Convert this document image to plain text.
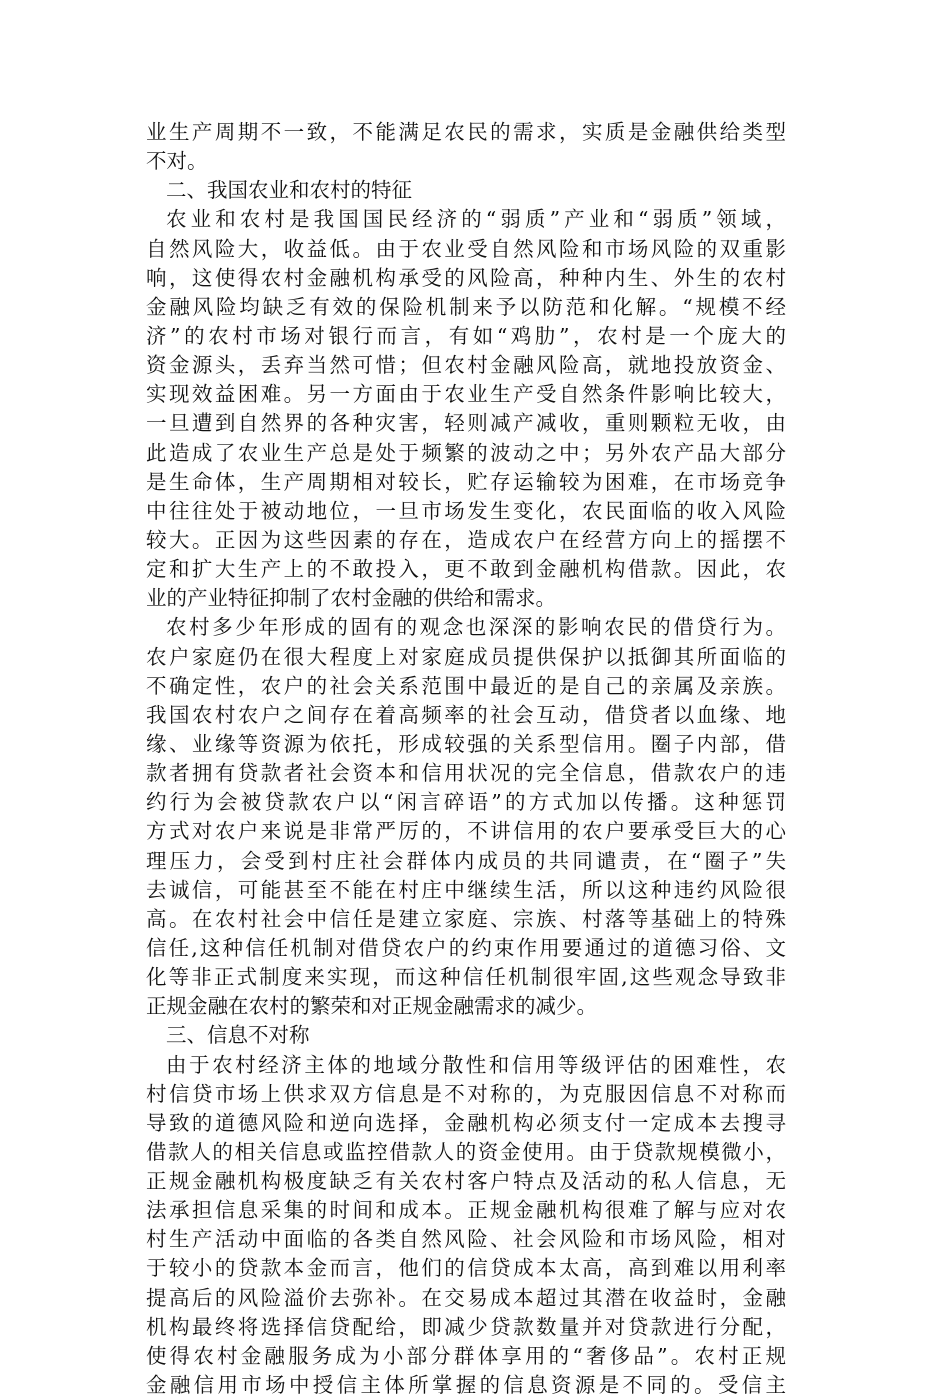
业生产周期不一致，不能满足农民的需求，实质是金融供给类型
不对。
二、我国农业和农村的特征
农业和农村是我国国民经济的“弱质”产业和“弱质”领域，
自然风险大，收益低。由于农业受自然风险和市场风险的双重影
响，这使得农村金融机构承受的风险高，种种内生、外生的农村
金融风险均缺乏有效的保险机制来予以防范和化解。“规模不经
济”的农村市场对银行而言，有如“鸡肋”，农村是一个庞大的
资金源头，丢弃当然可惜；但农村金融风险高，就地投放资金、
实现效益困难。另一方面由于农业生产受自然条件影响比较大，
一旦遭到自然界的各种灾害，轻则减产减收，重则颗粒无收，由
此造成了农业生产总是处于频繁的波动之中；另外农产品大部分
是生命体，生产周期相对较长，贮存运输较为困难，在市场竞争
中往往处于被动地位，一旦市场发生变化，农民面临的收入风险
较大。正因为这些因素的存在，造成农户在经营方向上的摇摆不
定和扩大生产上的不敢投入，更不敢到金融机构借款。因此，农
业的产业特征抑制了农村金融的供给和需求。
农村多少年形成的固有的观念也深深的影响农民的借贷行为。
农户家庭仍在很大程度上对家庭成员提供保护以抵御其所面临的
不确定性，农户的社会关系范围中最近的是自己的亲属及亲族。
我国农村农户之间存在着高频率的社会互动，借贷者以血缘、地
缘、业缘等资源为依托，形成较强的关系型信用。圈子内部，借
款者拥有贷款者社会资本和信用状况的完全信息，借款农户的违
约行为会被贷款农户以“闲言碎语”的方式加以传播。这种惩罚
方式对农户来说是非常严厉的，不讲信用的农户要承受巨大的心
理压力，会受到村庄社会群体内成员的共同谴责，在“圈子”失
去诚信，可能甚至不能在村庄中继续生活，所以这种违约风险很
高。在农村社会中信任是建立家庭、宗族、村落等基础上的特殊
信任,这种信任机制对借贷农户的约束作用要通过的道德习俗、文
化等非正式制度来实现，而这种信任机制很牢固,这些观念导致非
正规金融在农村的繁荣和对正规金融需求的减少。
三、信息不对称
由于农村经济主体的地域分散性和信用等级评估的困难性，农
村信贷市场上供求双方信息是不对称的，为克服因信息不对称而
导致的道德风险和逆向选择，金融机构必须支付一定成本去搜寻
借款人的相关信息或监控借款人的资金使用。由于贷款规模微小，
正规金融机构极度缺乏有关农村客户特点及活动的私人信息，无
法承担信息采集的时间和成本。正规金融机构很难了解与应对农
村生产活动中面临的各类自然风险、社会风险和市场风险，相对
于较小的贷款本金而言，他们的信贷成本太高，高到难以用利率
提高后的风险溢价去弥补。在交易成本超过其潜在收益时，金融
机构最终将选择信贷配给，即减少贷款数量并对贷款进行分配，
使得农村金融服务成为小部分群体享用的“奢侈品”。农村正规
金融信用市场中授信主体所掌握的信息资源是不同的。受信主
